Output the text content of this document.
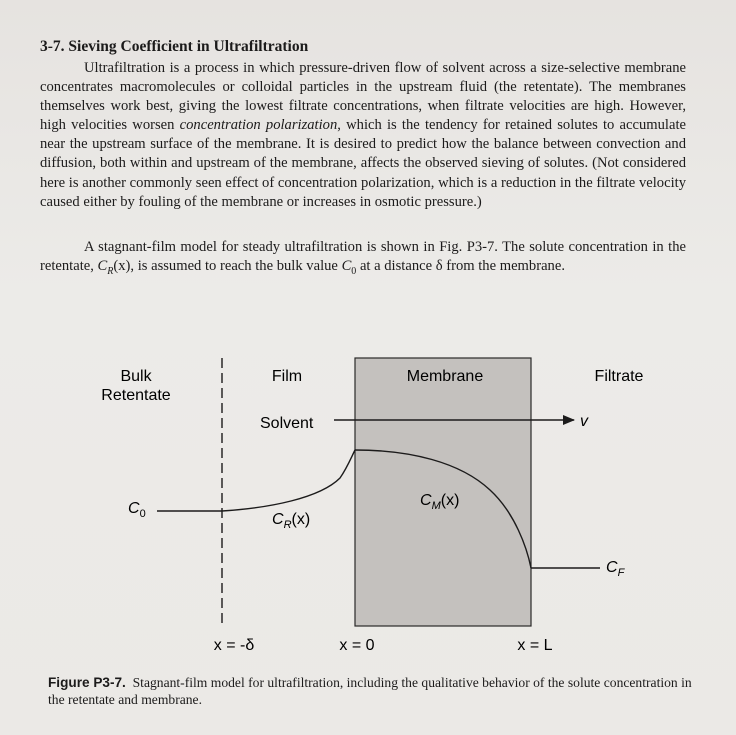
3-7. Sieving Coefficient in Ultrafiltration

Ultrafiltration is a process in which pressure-driven flow of solvent across a size-selective membrane concentrates macromolecules or colloidal particles in the upstream fluid (the retentate). The membranes themselves work best, giving the lowest filtrate concentrations, when filtrate velocities are high. However, high velocities worsen concentration polarization, which is the tendency for retained solutes to accumulate near the upstream surface of the membrane. It is desired to predict how the balance between convection and diffusion, both within and upstream of the membrane, affects the observed sieving of solutes. (Not considered here is another commonly seen effect of concentration polarization, which is a reduction in the filtrate velocity caused either by fouling of the membrane or increases in osmotic pressure.)

A stagnant-film model for steady ultrafiltration is shown in Fig. P3-7. The solute concentration in the retentate, $C_R(x)$, is assumed to reach the bulk value $C_0$ at a distance δ from the membrane.

Bulk
Retentate
Film	Membrane	Filtrate
Solvent	v
$C_0$	$C_R(x)$
$C_M(x)$
$C_F$
x = -δ	x = 0	x = L

Figure P3-7. Stagnant-film model for ultrafiltration, including the qualitative behavior of the solute concentration in the retentate and membrane.
